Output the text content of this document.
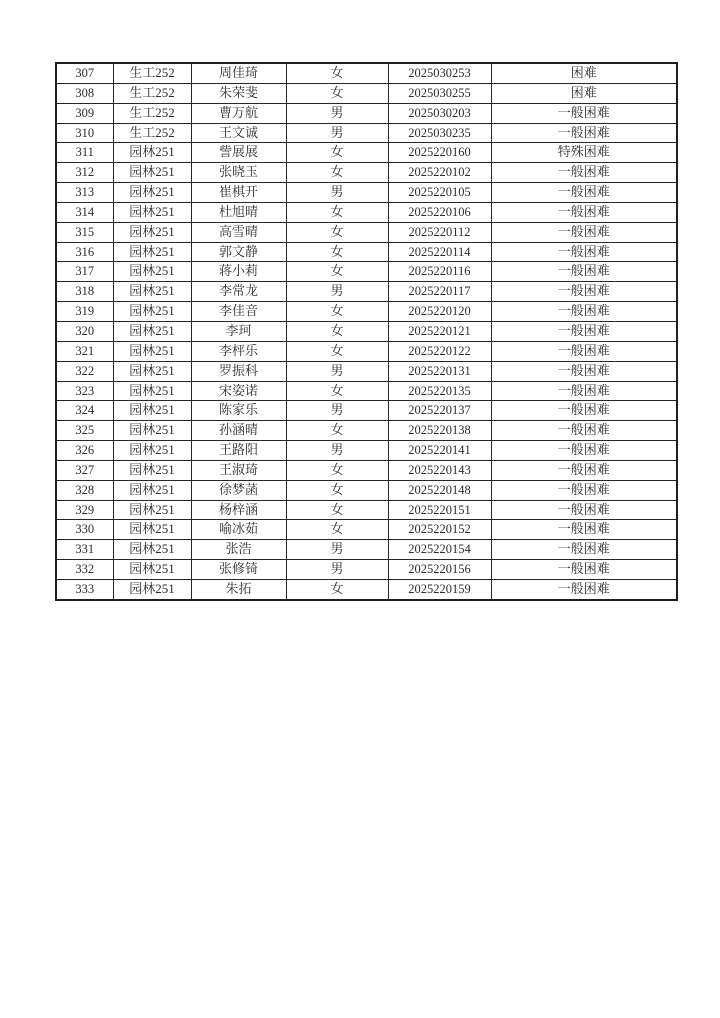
307	生工252	周佳琦	女	2025030253	困难
308	生工252	朱荣斐	女	2025030255	困难
309	生工252	曹万航	男	2025030203	一般困难
310	生工252	王文诚	男	2025030235	一般困难
311	园林251	訾展展	女	2025220160	特殊困难
312	园林251	张晓玉	女	2025220102	一般困难
313	园林251	崔棋开	男	2025220105	一般困难
314	园林251	杜旭晴	女	2025220106	一般困难
315	园林251	高雪晴	女	2025220112	一般困难
316	园林251	郭文静	女	2025220114	一般困难
317	园林251	蒋小莉	女	2025220116	一般困难
318	园林251	李常龙	男	2025220117	一般困难
319	园林251	李佳音	女	2025220120	一般困难
320	园林251	李珂	女	2025220121	一般困难
321	园林251	李枰乐	女	2025220122	一般困难
322	园林251	罗振科	男	2025220131	一般困难
323	园林251	宋姿诺	女	2025220135	一般困难
324	园林251	陈家乐	男	2025220137	一般困难
325	园林251	孙涵晴	女	2025220138	一般困难
326	园林251	王路阳	男	2025220141	一般困难
327	园林251	王淑琦	女	2025220143	一般困难
328	园林251	徐梦菡	女	2025220148	一般困难
329	园林251	杨梓涵	女	2025220151	一般困难
330	园林251	喻冰茹	女	2025220152	一般困难
331	园林251	张浩	男	2025220154	一般困难
332	园林251	张修锜	男	2025220156	一般困难
333	园林251	朱拓	女	2025220159	一般困难
